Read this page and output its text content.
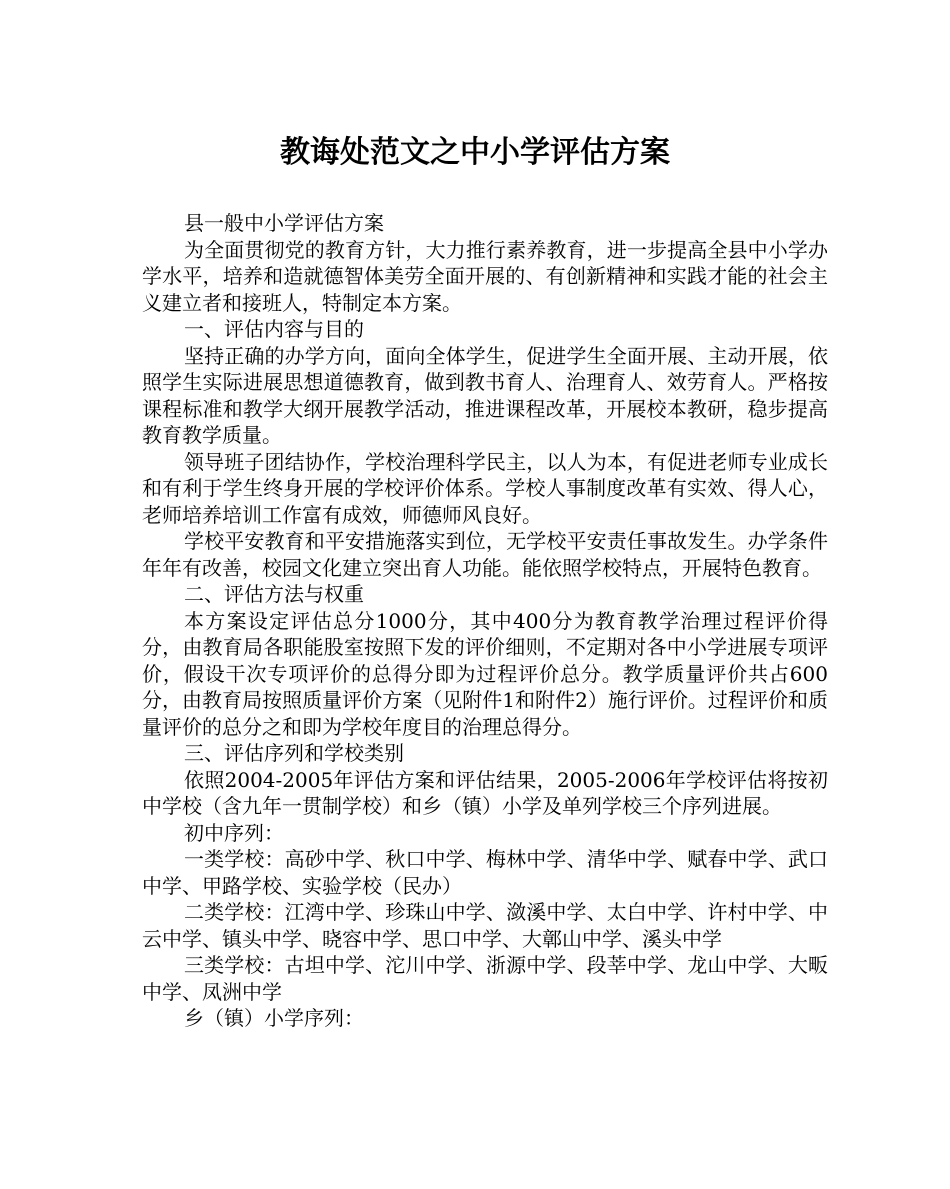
教诲处范文之中小学评估方案

县一般中小学评估方案

为全面贯彻党的教育方针，大力推行素养教育，进一步提高全县中小学办学水平，培养和造就德智体美劳全面开展的、有创新精神和实践才能的社会主义建立者和接班人，特制定本方案。

一、评估内容与目的

坚持正确的办学方向，面向全体学生，促进学生全面开展、主动开展，依照学生实际进展思想道德教育，做到教书育人、治理育人、效劳育人。严格按课程标准和教学大纲开展教学活动，推进课程改革，开展校本教研，稳步提高教育教学质量。

领导班子团结协作，学校治理科学民主，以人为本，有促进老师专业成长和有利于学生终身开展的学校评价体系。学校人事制度改革有实效、得人心，老师培养培训工作富有成效，师德师风良好。

学校平安教育和平安措施落实到位，无学校平安责任事故发生。办学条件年年有改善，校园文化建立突出育人功能。能依照学校特点，开展特色教育。

二、评估方法与权重

本方案设定评估总分1000分，其中400分为教育教学治理过程评价得分，由教育局各职能股室按照下发的评价细则，不定期对各中小学进展专项评价，假设干次专项评价的总得分即为过程评价总分。教学质量评价共占600分，由教育局按照质量评价方案（见附件1和附件2）施行评价。过程评价和质量评价的总分之和即为学校年度目的治理总得分。

三、评估序列和学校类别

依照2004-2005年评估方案和评估结果，2005-2006年学校评估将按初中学校（含九年一贯制学校）和乡（镇）小学及单列学校三个序列进展。

初中序列：

一类学校：高砂中学、秋口中学、梅林中学、清华中学、赋春中学、武口中学、甲路学校、实验学校（民办）

二类学校：江湾中学、珍珠山中学、潋溪中学、太白中学、许村中学、中云中学、镇头中学、晓容中学、思口中学、大鄣山中学、溪头中学

三类学校：古坦中学、沱川中学、浙源中学、段莘中学、龙山中学、大畈中学、凤洲中学

乡（镇）小学序列：
